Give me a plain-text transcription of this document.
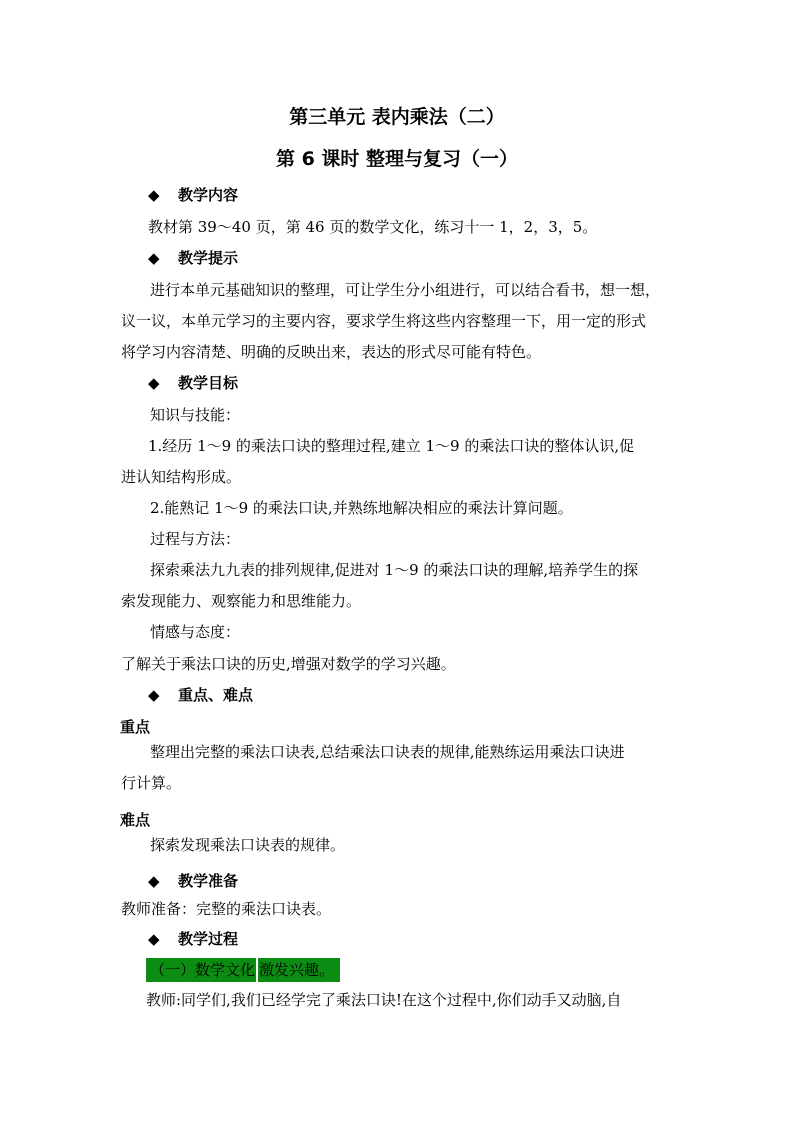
第三单元 表内乘法（二）
第 6 课时 整理与复习（一）
◆ 教学内容
教材第 39～40 页，第 46 页的数学文化，练习十一 1，2，3，5。
◆ 教学提示
进行本单元基础知识的整理，可让学生分小组进行，可以结合看书，想一想，
议一议，本单元学习的主要内容，要求学生将这些内容整理一下，用一定的形式
将学习内容清楚、明确的反映出来，表达的形式尽可能有特色。
◆ 教学目标
知识与技能：
1.经历 1～9 的乘法口诀的整理过程,建立 1～9 的乘法口诀的整体认识,促
进认知结构形成。
2.能熟记 1～9 的乘法口诀,并熟练地解决相应的乘法计算问题。
过程与方法：
探索乘法九九表的排列规律,促进对 1～9 的乘法口诀的理解,培养学生的探
索发现能力、观察能力和思维能力。
情感与态度：
了解关于乘法口诀的历史,增强对数学的学习兴趣。
◆ 重点、难点
重点
整理出完整的乘法口诀表,总结乘法口诀表的规律,能熟练运用乘法口诀进
行计算。
难点
探索发现乘法口诀表的规律。
◆ 教学准备
教师准备：完整的乘法口诀表。
◆ 教学过程
（一）数学文化 激发兴趣。
教师:同学们,我们已经学完了乘法口诀!在这个过程中,你们动手又动脑,自
